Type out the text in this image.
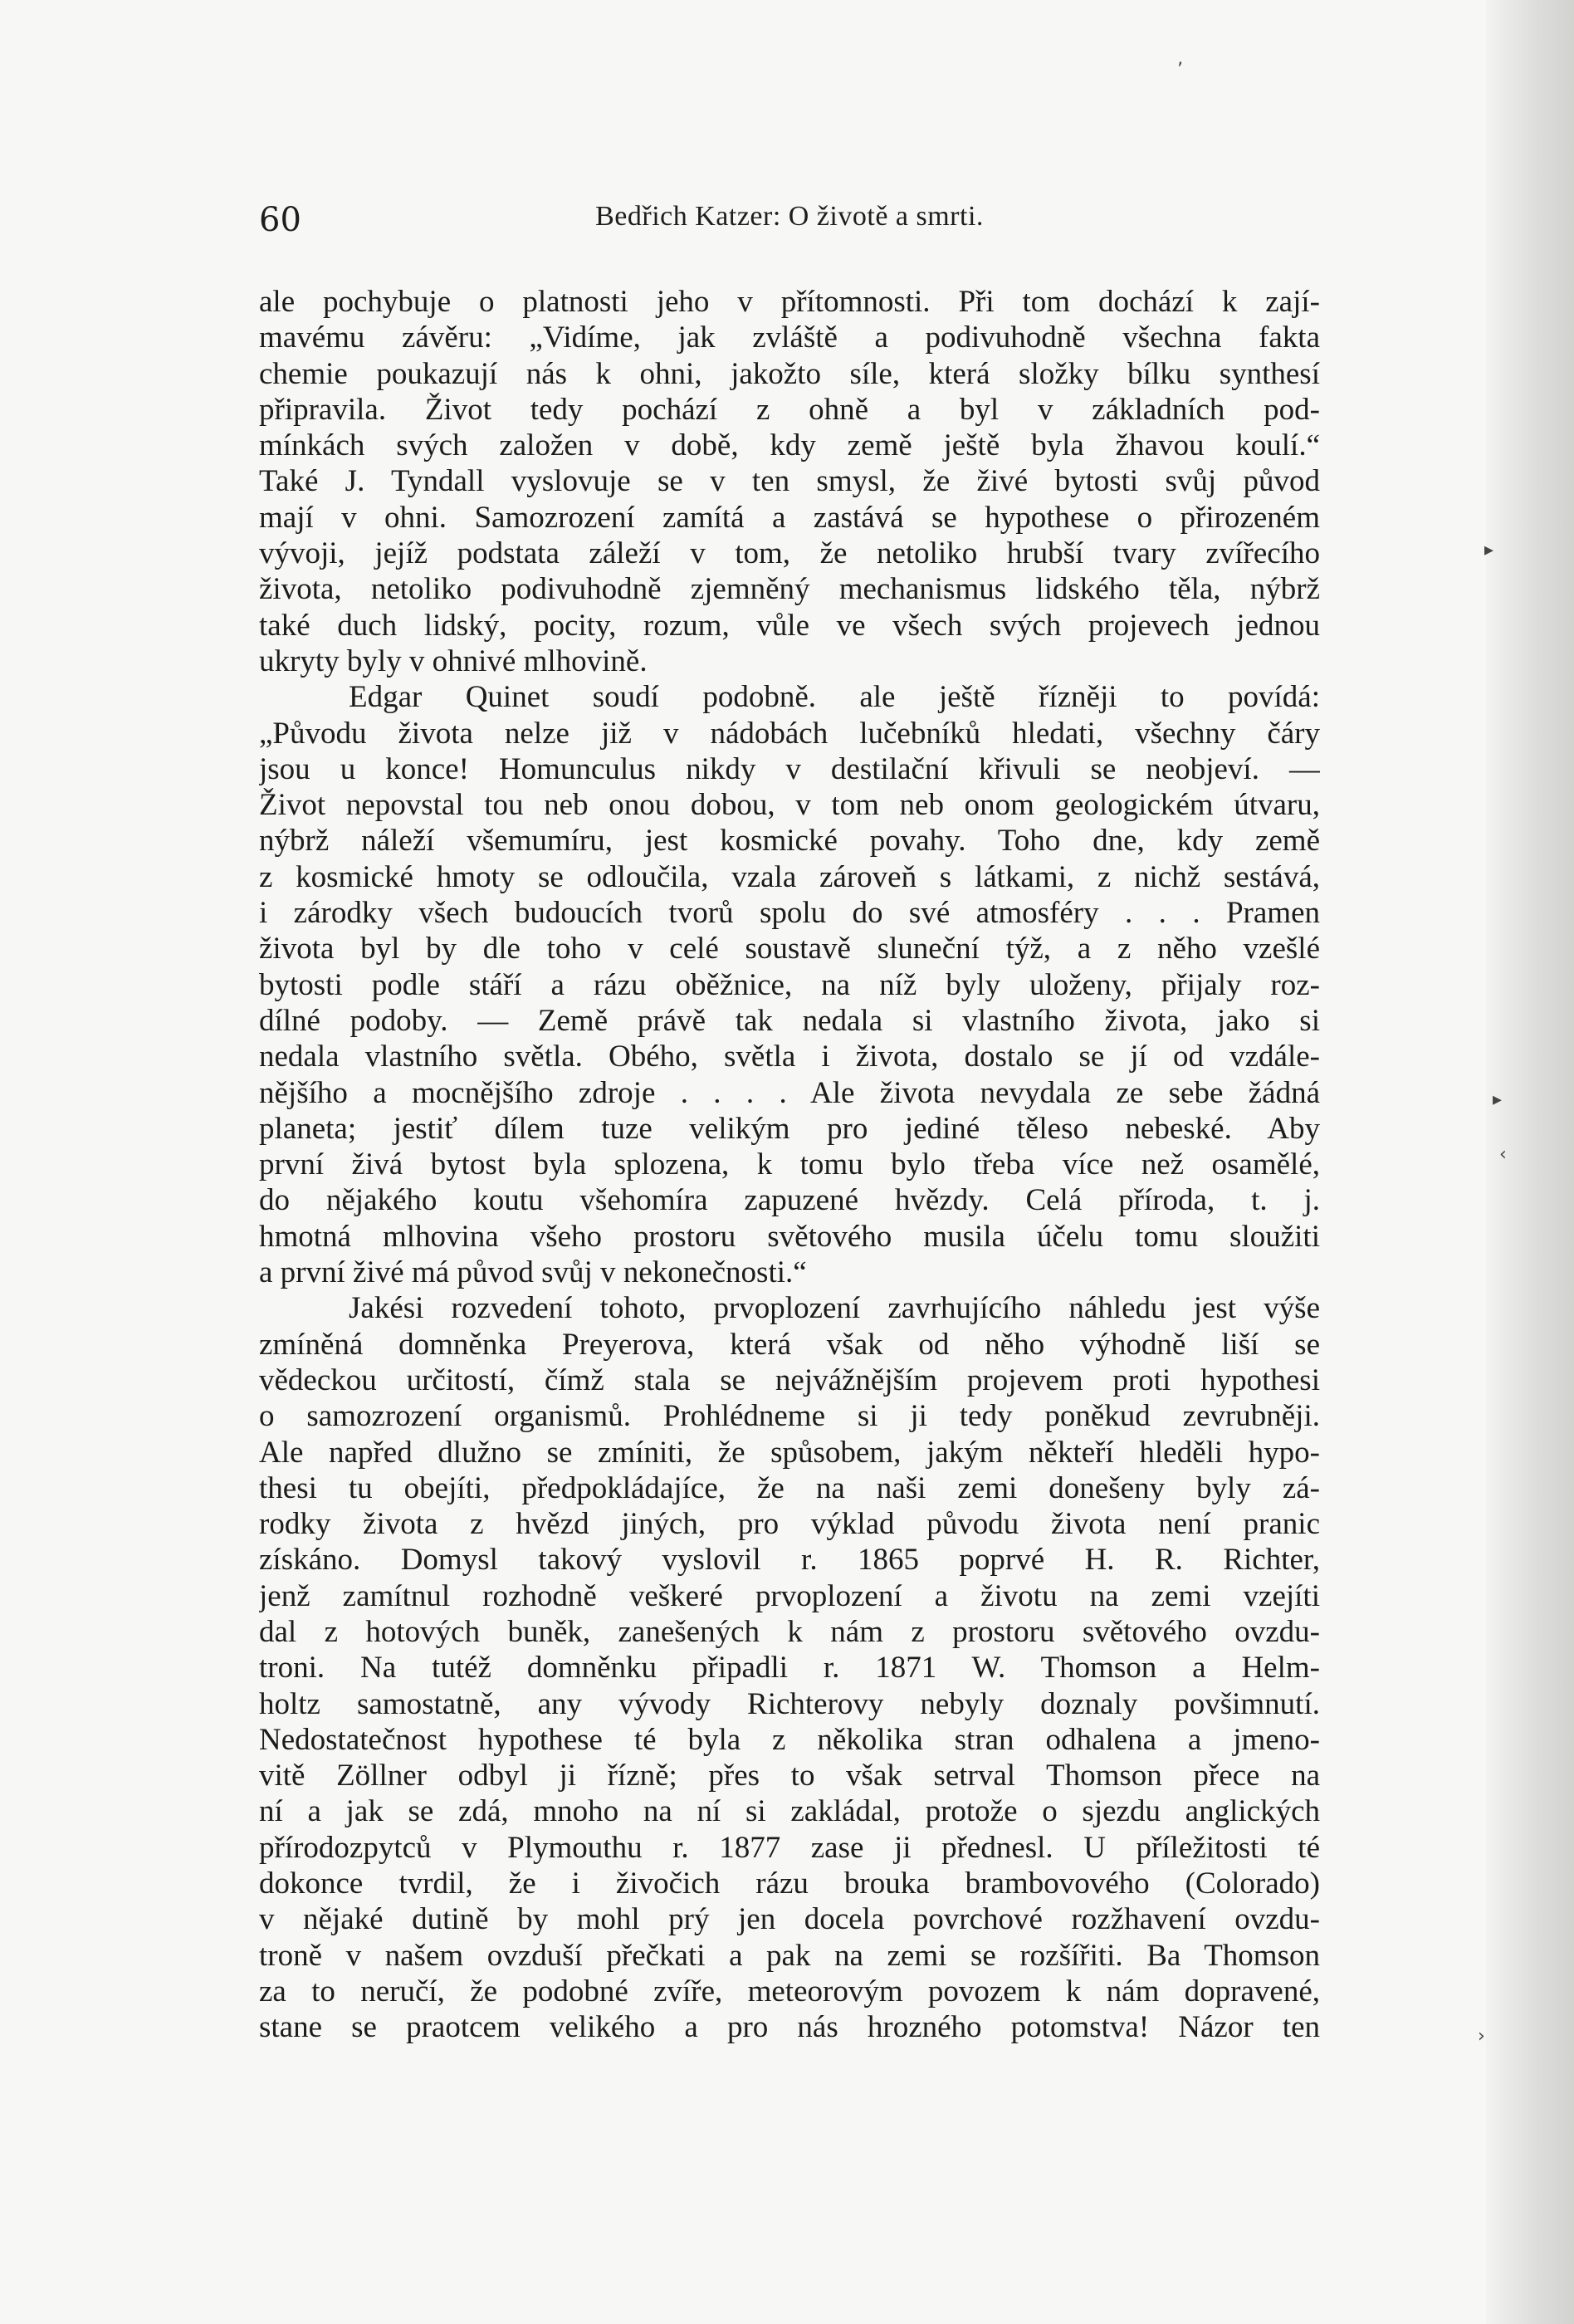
60	Bedřich Katzer: O životě a smrti.
ale pochybuje o platnosti jeho v přítomnosti. Při tom dochází k zají-
mavému závěru: „Vidíme, jak zvláště a podivuhodně všechna fakta
chemie poukazují nás k ohni, jakožto síle, která složky bílku synthesí
připravila. Život tedy pochází z ohně a byl v základních pod-
mínkách svých založen v době, kdy země ještě byla žhavou koulí.“
Také J. Tyndall vyslovuje se v ten smysl, že živé bytosti svůj původ
mají v ohni. Samozrození zamítá a zastává se hypothese o přirozeném
vývoji, jejíž podstata záleží v tom, že netoliko hrubší tvary zvířecího
života, netoliko podivuhodně zjemněný mechanismus lidského těla, nýbrž
také duch lidský, pocity, rozum, vůle ve všech svých projevech jednou
ukryty byly v ohnivé mlhovině.
Edgar Quinet soudí podobně. ale ještě řízněji to povídá:
„Původu života nelze již v nádobách lučebníků hledati, všechny čáry
jsou u konce! Homunculus nikdy v destilační křivuli se neobjeví. —
Život nepovstal tou neb onou dobou, v tom neb onom geologickém útvaru,
nýbrž náleží všemumíru, jest kosmické povahy. Toho dne, kdy země
z kosmické hmoty se odloučila, vzala zároveň s látkami, z nichž sestává,
i zárodky všech budoucích tvorů spolu do své atmosféry . . . Pramen
života byl by dle toho v celé soustavě sluneční týž, a z něho vzešlé
bytosti podle stáří a rázu oběžnice, na níž byly uloženy, přijaly roz-
dílné podoby. — Země právě tak nedala si vlastního života, jako si
nedala vlastního světla. Obého, světla i života, dostalo se jí od vzdále-
nějšího a mocnějšího zdroje . . . . Ale života nevydala ze sebe žádná
planeta; jestiť dílem tuze velikým pro jediné těleso nebeské. Aby
první živá bytost byla splozena, k tomu bylo třeba více než osamělé,
do nějakého koutu všehomíra zapuzené hvězdy. Celá příroda, t. j.
hmotná mlhovina všeho prostoru světového musila účelu tomu sloužiti
a první živé má původ svůj v nekonečnosti.“
Jakési rozvedení tohoto, prvoplození zavrhujícího náhledu jest výše
zmíněná domněnka Preyerova, která však od něho výhodně liší se
vědeckou určitostí, čímž stala se nejvážnějším projevem proti hypothesi
o samozrození organismů. Prohlédneme si ji tedy poněkud zevrubněji.
Ale napřed dlužno se zmíniti, že spůsobem, jakým někteří hleděli hypo-
thesi tu obejíti, předpokládajíce, že na naši zemi donešeny byly zá-
rodky života z hvězd jiných, pro výklad původu života není pranic
získáno. Domysl takový vyslovil r. 1865 poprvé H. R. Richter,
jenž zamítnul rozhodně veškeré prvoplození a životu na zemi vzejíti
dal z hotových buněk, zanešených k nám z prostoru světového ovzdu-
troni. Na tutéž domněnku připadli r. 1871 W. Thomson a Helm-
holtz samostatně, any vývody Richterovy nebyly doznaly povšimnutí.
Nedostatečnost hypothese té byla z několika stran odhalena a jmeno-
vitě Zöllner odbyl ji řízně; přes to však setrval Thomson přece na
ní a jak se zdá, mnoho na ní si zakládal, protože o sjezdu anglických
přírodozpytců v Plymouthu r. 1877 zase ji přednesl. U příležitosti té
dokonce tvrdil, že i živočich rázu brouka brambovového (Colorado)
v nějaké dutině by mohl prý jen docela povrchové rozžhavení ovzdu-
troně v našem ovzduší přečkati a pak na zemi se rozšířiti. Ba Thomson
za to neručí, že podobné zvíře, meteorovým povozem k nám dopravené,
stane se praotcem velikého a pro nás hrozného potomstva! Názor ten
▸
▸
‹
›
’
